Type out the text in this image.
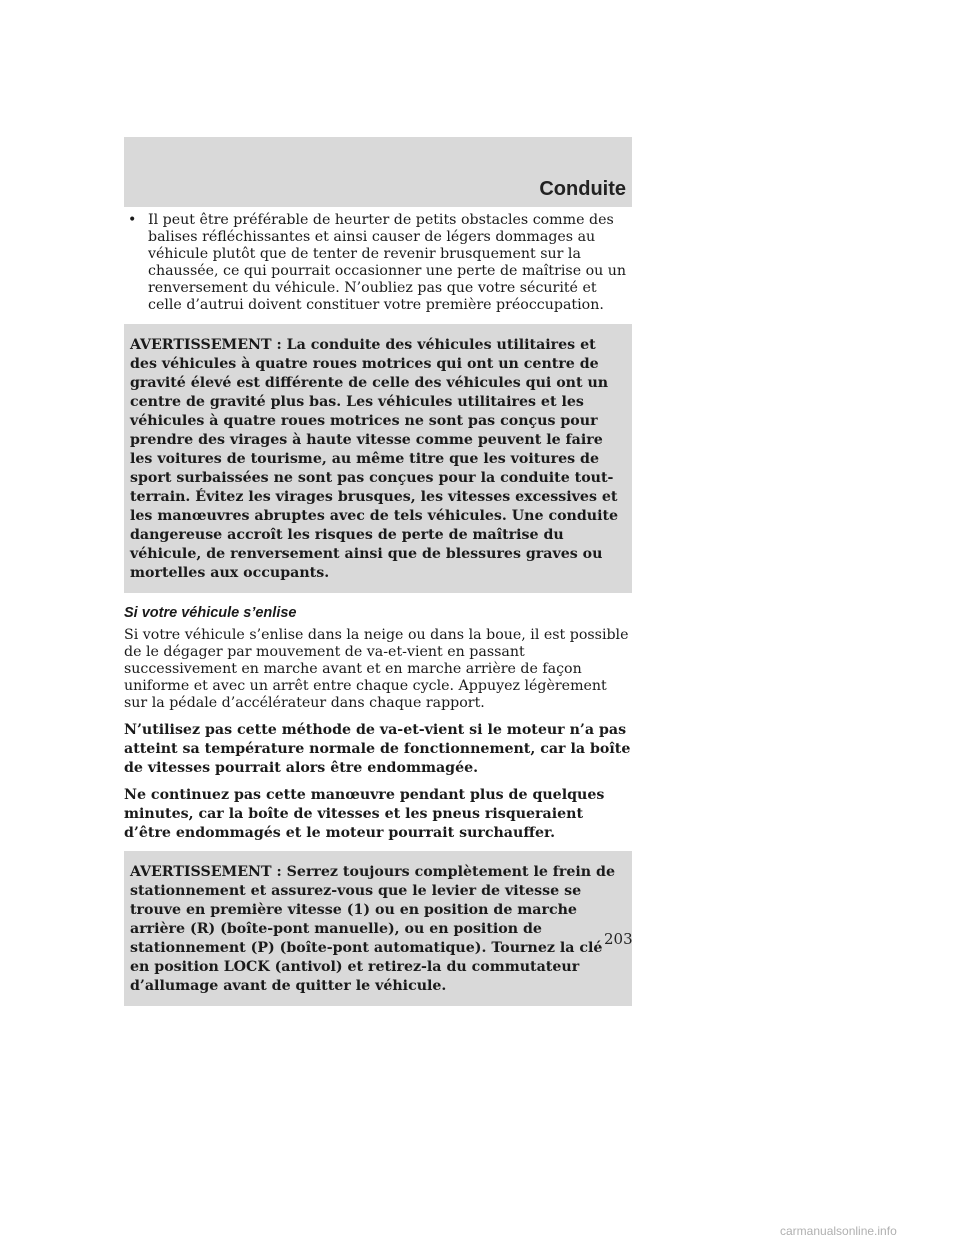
Conduite
• Il peut être préférable de heurter de petits obstacles comme des balises réfléchissantes et ainsi causer de légers dommages au véhicule plutôt que de tenter de revenir brusquement sur la chaussée, ce qui pourrait occasionner une perte de maîtrise ou un renversement du véhicule. N’oubliez pas que votre sécurité et celle d’autrui doivent constituer votre première préoccupation.
AVERTISSEMENT : La conduite des véhicules utilitaires et des véhicules à quatre roues motrices qui ont un centre de gravité élevé est différente de celle des véhicules qui ont un centre de gravité plus bas. Les véhicules utilitaires et les véhicules à quatre roues motrices ne sont pas conçus pour prendre des virages à haute vitesse comme peuvent le faire les voitures de tourisme, au même titre que les voitures de sport surbaissées ne sont pas conçues pour la conduite tout-terrain. Évitez les virages brusques, les vitesses excessives et les manœuvres abruptes avec de tels véhicules. Une conduite dangereuse accroît les risques de perte de maîtrise du véhicule, de renversement ainsi que de blessures graves ou mortelles aux occupants.
Si votre véhicule s’enlise
Si votre véhicule s’enlise dans la neige ou dans la boue, il est possible de le dégager par mouvement de va-et-vient en passant successivement en marche avant et en marche arrière de façon uniforme et avec un arrêt entre chaque cycle. Appuyez légèrement sur la pédale d’accélérateur dans chaque rapport.
N’utilisez pas cette méthode de va-et-vient si le moteur n’a pas atteint sa température normale de fonctionnement, car la boîte de vitesses pourrait alors être endommagée.
Ne continuez pas cette manœuvre pendant plus de quelques minutes, car la boîte de vitesses et les pneus risqueraient d’être endommagés et le moteur pourrait surchauffer.
AVERTISSEMENT : Serrez toujours complètement le frein de stationnement et assurez-vous que le levier de vitesse se trouve en première vitesse (1) ou en position de marche arrière (R) (boîte-pont manuelle), ou en position de stationnement (P) (boîte-pont automatique). Tournez la clé en position LOCK (antivol) et retirez-la du commutateur d’allumage avant de quitter le véhicule.
203
carmanualsonline.info
